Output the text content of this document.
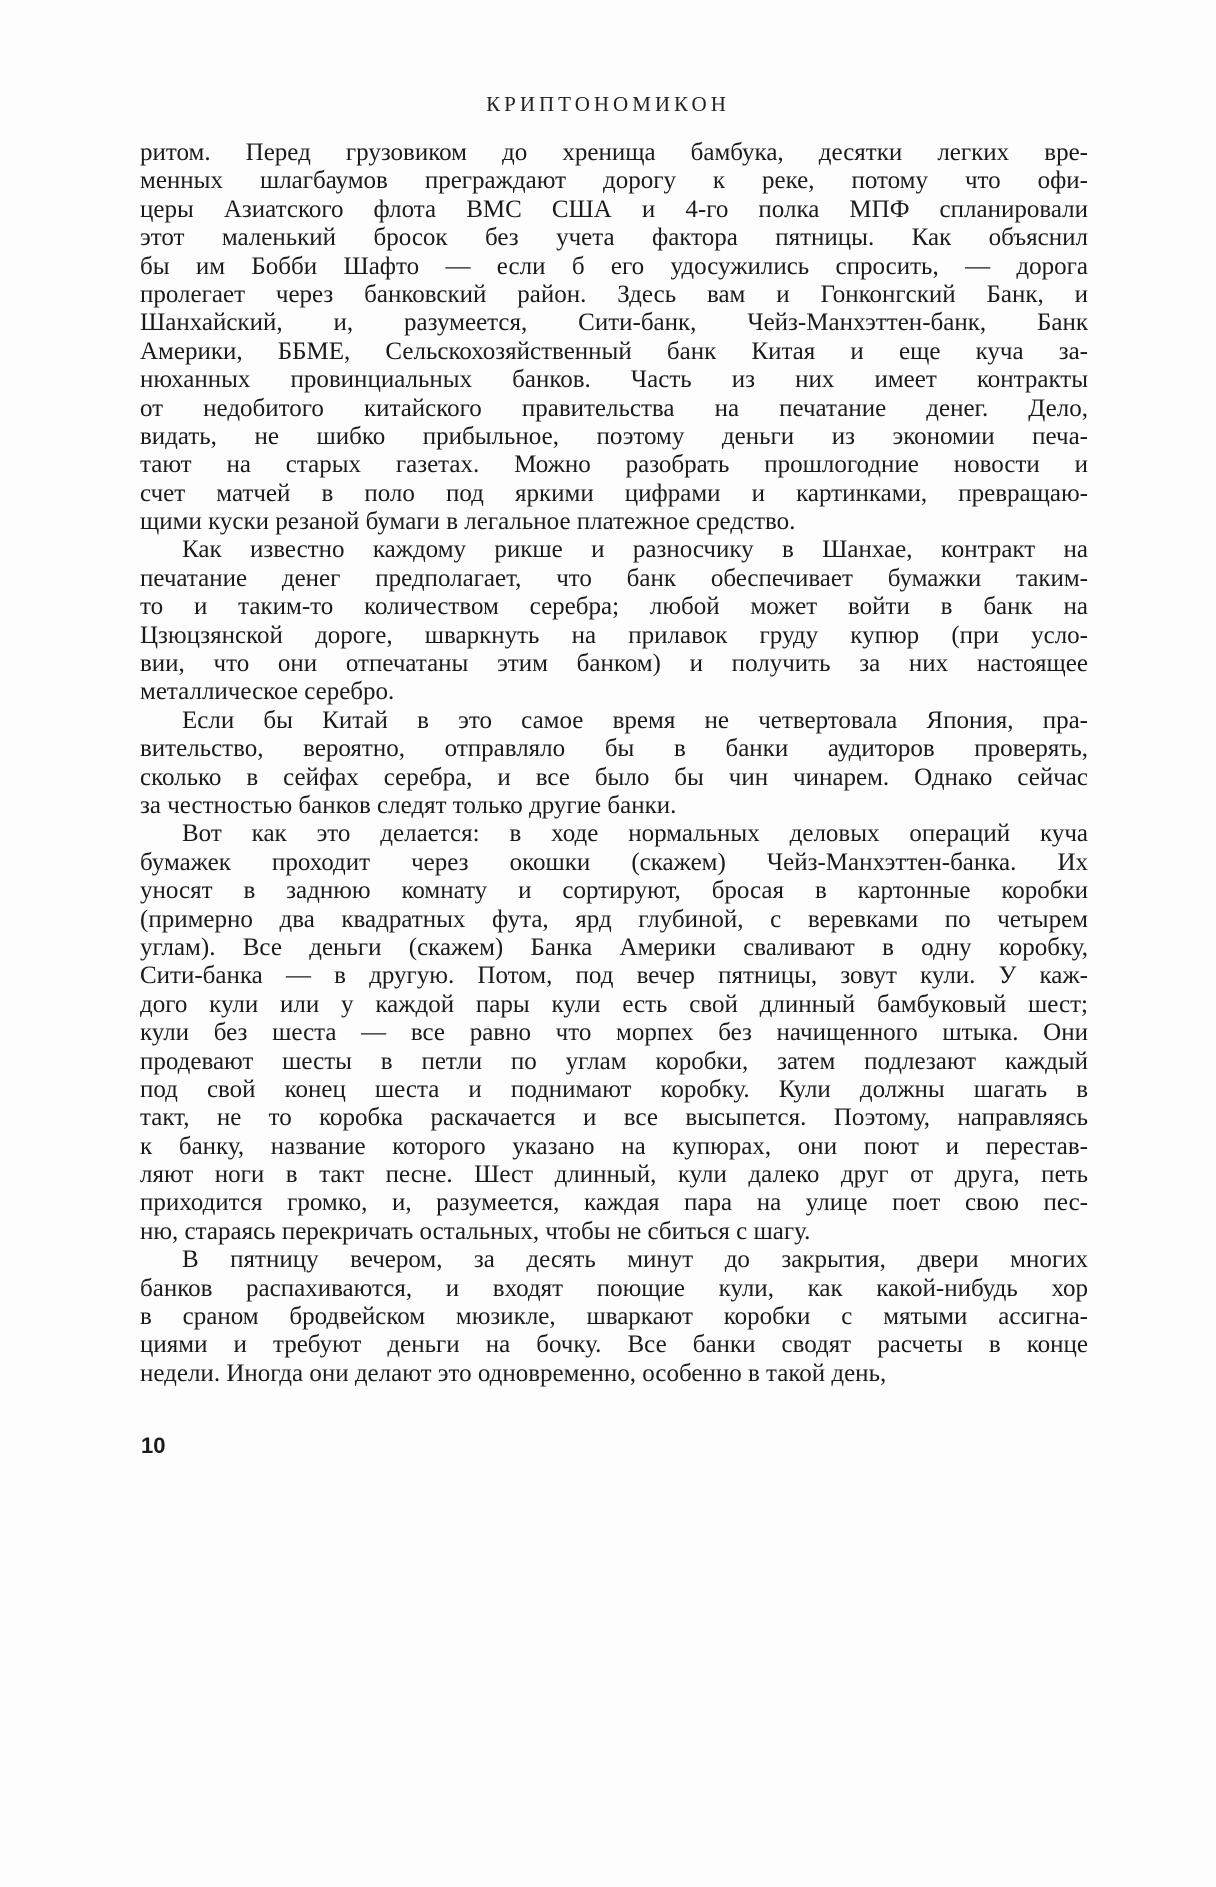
КРИПТОНОМИКОН
ритом. Перед грузовиком до хренища бамбука, десятки легких вре-
менных шлагбаумов преграждают дорогу к реке, потому что офи-
церы Азиатского флота ВМС США и 4-го полка МПФ спланировали
этот маленький бросок без учета фактора пятницы. Как объяснил
бы им Бобби Шафто — если б его удосужились спросить, — дорога
пролегает через банковский район. Здесь вам и Гонконгский Банк, и
Шанхайский, и, разумеется, Сити-банк, Чейз-Манхэттен-банк, Банк
Америки, ББМЕ, Сельскохозяйственный банк Китая и еще куча за-
нюханных провинциальных банков. Часть из них имеет контракты
от недобитого китайского правительства на печатание денег. Дело,
видать, не шибко прибыльное, поэтому деньги из экономии печа-
тают на старых газетах. Можно разобрать прошлогодние новости и
счет матчей в поло под яркими цифрами и картинками, превращаю-
щими куски резаной бумаги в легальное платежное средство.
Как известно каждому рикше и разносчику в Шанхае, контракт на
печатание денег предполагает, что банк обеспечивает бумажки таким-
то и таким-то количеством серебра; любой может войти в банк на
Цзюцзянской дороге, шваркнуть на прилавок груду купюр (при усло-
вии, что они отпечатаны этим банком) и получить за них настоящее
металлическое серебро.
Если бы Китай в это самое время не четвертовала Япония, пра-
вительство, вероятно, отправляло бы в банки аудиторов проверять,
сколько в сейфах серебра, и все было бы чин чинарем. Однако сейчас
за честностью банков следят только другие банки.
Вот как это делается: в ходе нормальных деловых операций куча
бумажек проходит через окошки (скажем) Чейз-Манхэттен-банка. Их
уносят в заднюю комнату и сортируют, бросая в картонные коробки
(примерно два квадратных фута, ярд глубиной, с веревками по четырем
углам). Все деньги (скажем) Банка Америки сваливают в одну коробку,
Сити-банка — в другую. Потом, под вечер пятницы, зовут кули. У каж-
дого кули или у каждой пары кули есть свой длинный бамбуковый шест;
кули без шеста — все равно что морпех без начищенного штыка. Они
продевают шесты в петли по углам коробки, затем подлезают каждый
под свой конец шеста и поднимают коробку. Кули должны шагать в
такт, не то коробка раскачается и все высыпется. Поэтому, направляясь
к банку, название которого указано на купюрах, они поют и перестав-
ляют ноги в такт песне. Шест длинный, кули далеко друг от друга, петь
приходится громко, и, разумеется, каждая пара на улице поет свою пес-
ню, стараясь перекричать остальных, чтобы не сбиться с шагу.
В пятницу вечером, за десять минут до закрытия, двери многих
банков распахиваются, и входят поющие кули, как какой-нибудь хор
в сраном бродвейском мюзикле, шваркают коробки с мятыми ассигна-
циями и требуют деньги на бочку. Все банки сводят расчеты в конце
недели. Иногда они делают это одновременно, особенно в такой день,
10
